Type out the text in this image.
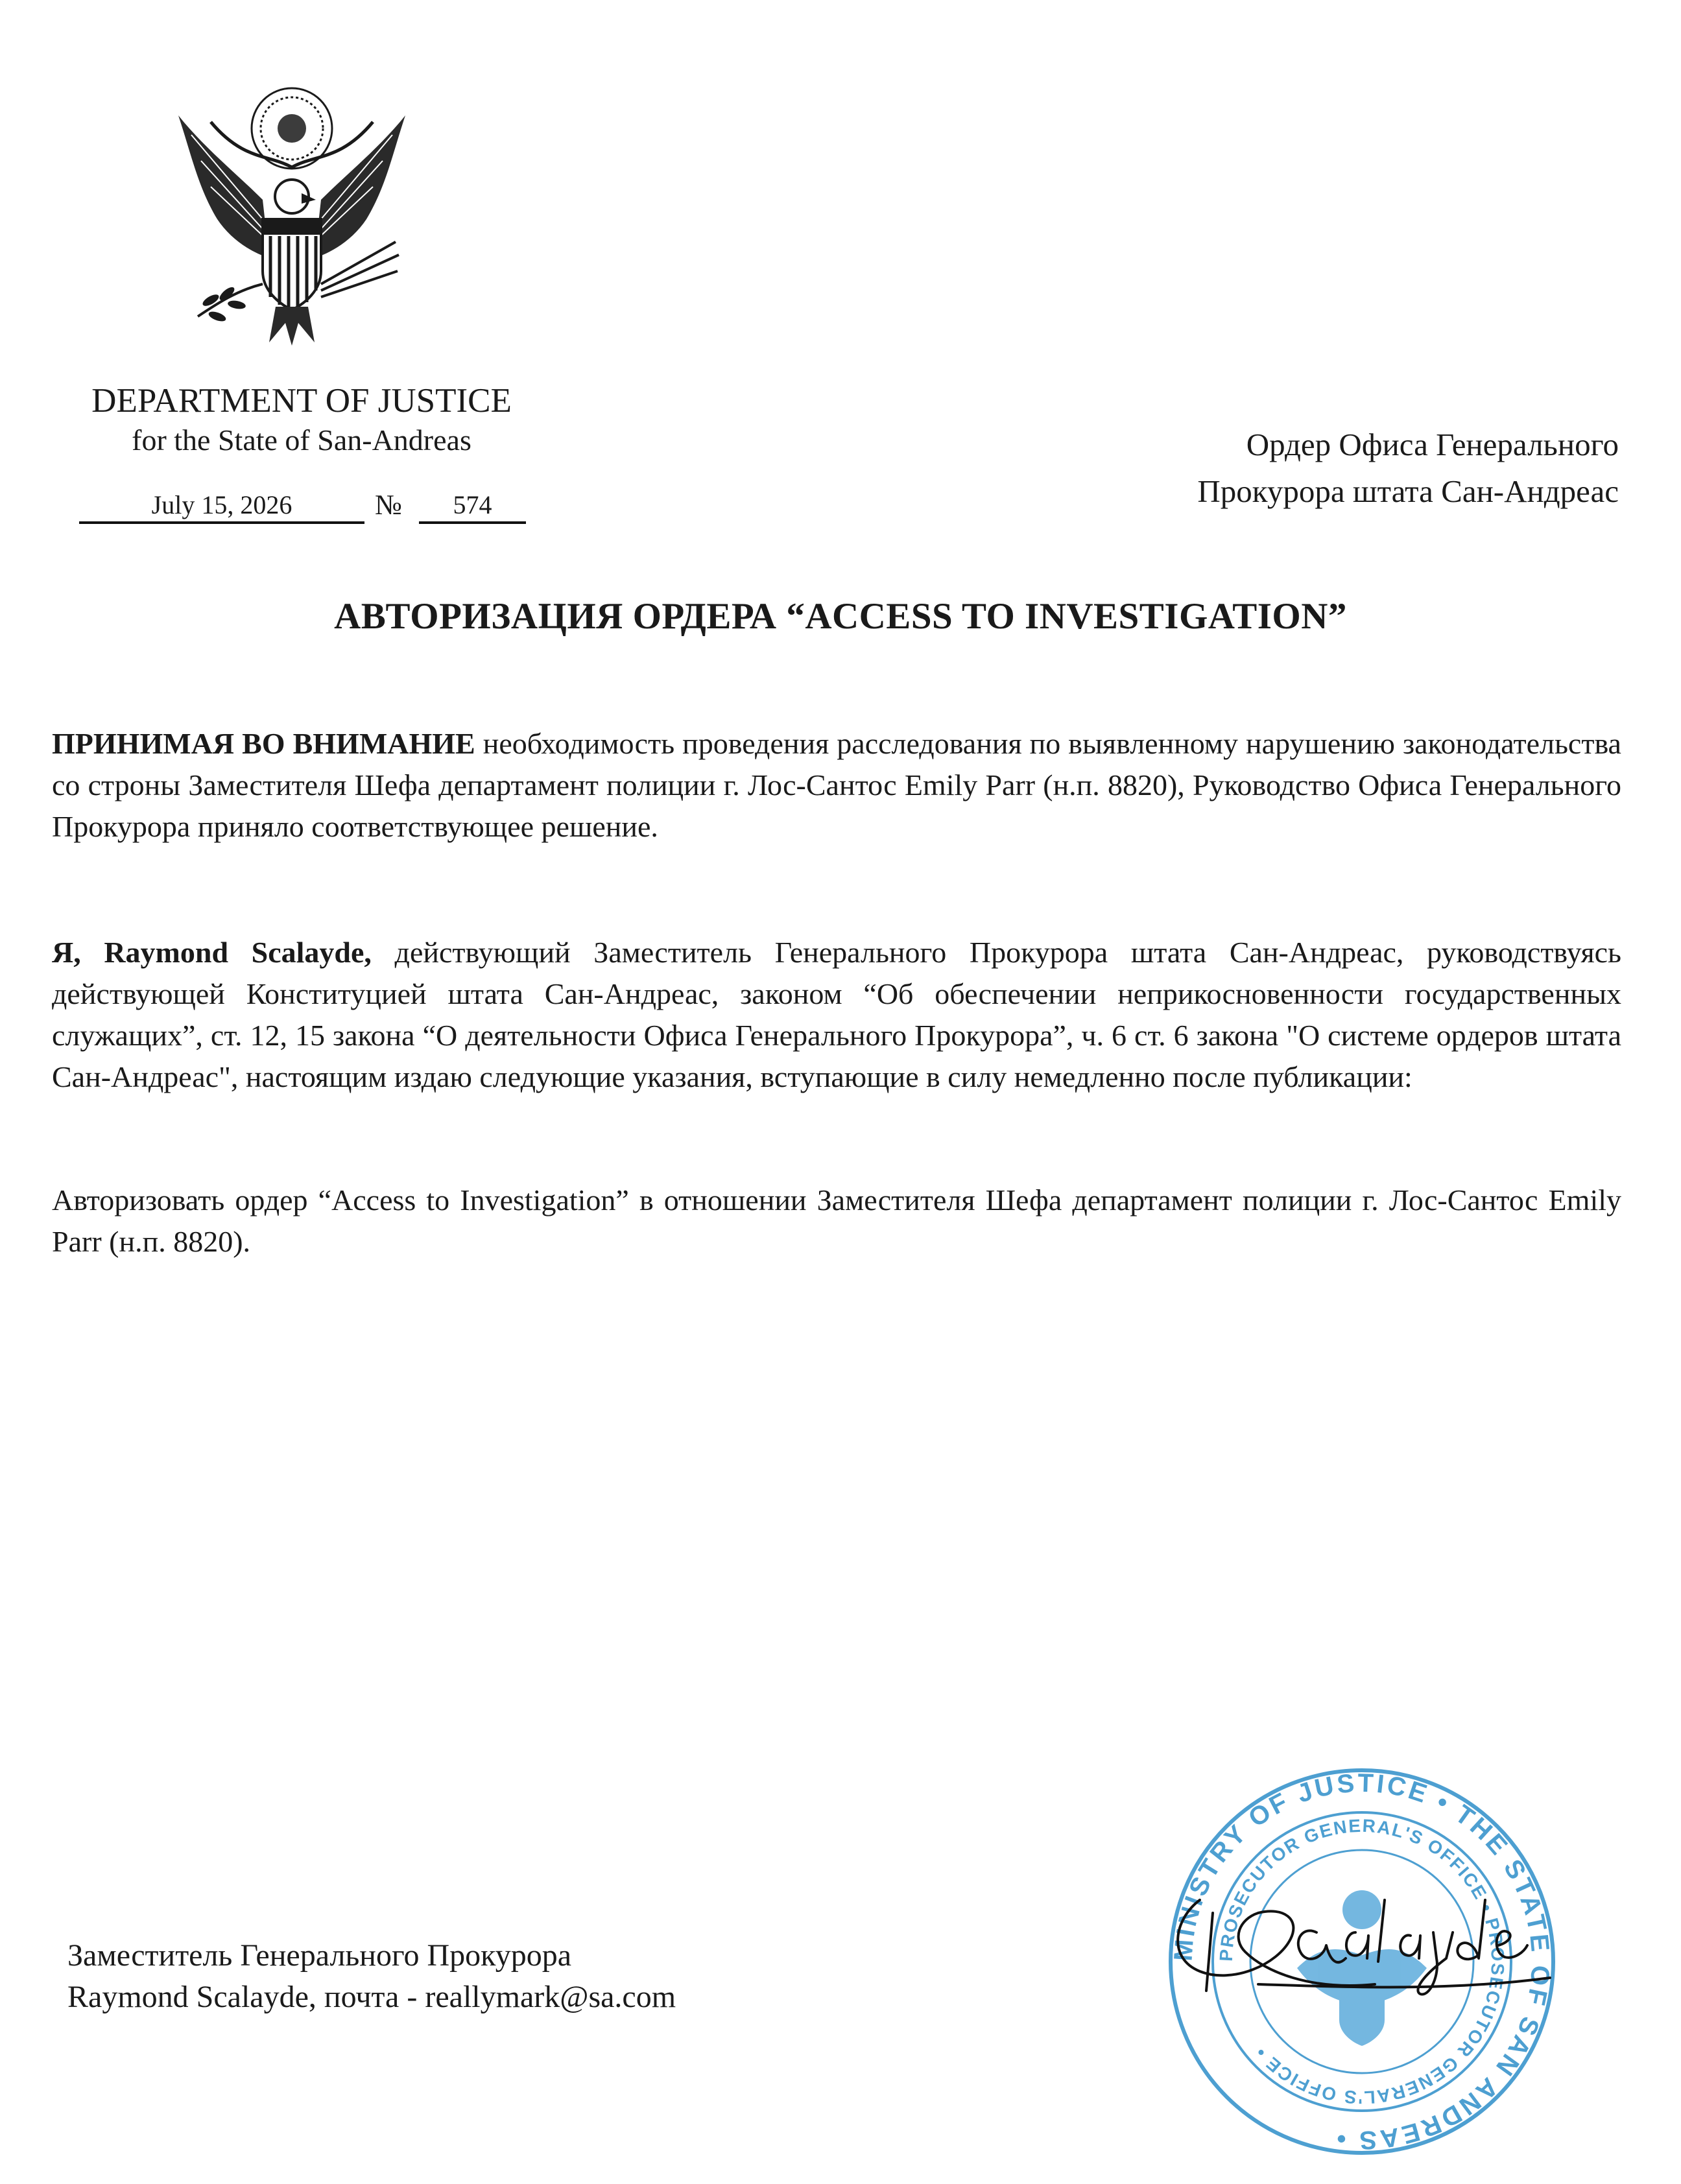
DEPARTMENT OF JUSTICE
for the State of San-Andreas
July 15, 2026	№	574
Ордер Офиса Генерального
Прокурора штата Сан-Андреас
АВТОРИЗАЦИЯ ОРДЕРА “ACCESS TO INVESTIGATION”
ПРИНИМАЯ ВО ВНИМАНИЕ необходимость проведения расследования по выявленному нарушению законодательства со строны Заместителя Шефа департамент полиции г. Лос-Сантос Emily Parr (н.п. 8820), Руководство Офиса Генерального Прокурора приняло соответствующее решение.
Я, Raymond Scalayde, действующий Заместитель Генерального Прокурора штата Сан-Андреас, руководствуясь действующей Конституцией штата Сан-Андреас, законом “Об обеспечении неприкосновенности государственных служащих”, ст. 12, 15 закона “О деятельности Офиса Генерального Прокурора”, ч. 6 ст. 6 закона "О системе ордеров штата Сан-Андреас", настоящим издаю следующие указания, вступающие в силу немедленно после публикации:
Авторизовать ордер “Access to Investigation” в отношении Заместителя Шефа департамент полиции г. Лос-Сантос Emily Parr (н.п. 8820).
Заместитель Генерального Прокурора
Raymond Scalayde, почта - reallymark@sa.com
MINISTRY OF JUSTICE • THE STATE OF SAN ANDREAS •
PROSECUTOR GENERAL'S OFFICE • PROSECUTOR GENERAL'S OFFICE •
